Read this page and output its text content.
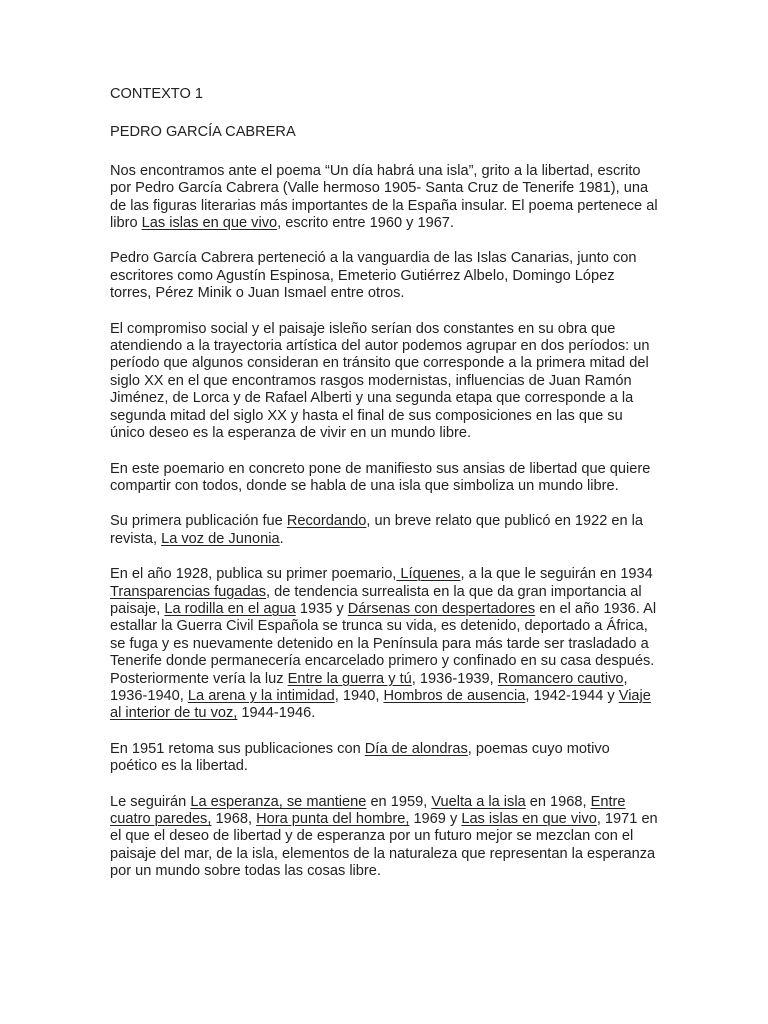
CONTEXTO 1
PEDRO GARCÍA CABRERA
Nos encontramos ante el poema “Un día habrá una isla”, grito a la libertad, escrito por Pedro García Cabrera (Valle hermoso 1905- Santa Cruz de Tenerife 1981), una de las figuras literarias más importantes de la España insular. El poema pertenece al libro Las islas en que vivo, escrito entre 1960 y 1967.
Pedro García Cabrera perteneció a la vanguardia de las Islas Canarias, junto con escritores como Agustín Espinosa, Emeterio Gutiérrez Albelo, Domingo López torres, Pérez Minik o Juan Ismael entre otros.
El compromiso social y el paisaje isleño serían dos constantes en su obra que atendiendo a la trayectoria artística del autor podemos agrupar en dos períodos: un período que algunos consideran en tránsito que corresponde a la primera mitad del siglo XX en el que encontramos rasgos modernistas, influencias de Juan Ramón Jiménez, de Lorca y de Rafael Alberti y una segunda etapa que corresponde a la segunda mitad del siglo XX y hasta el final de sus composiciones en las que su único deseo es la esperanza de vivir en un mundo libre.
En este poemario en concreto pone de manifiesto sus ansias de libertad que quiere compartir con todos, donde se habla de una isla que simboliza un mundo libre.
Su primera publicación fue Recordando, un breve relato que publicó en 1922 en la revista, La voz de Junonia.
En el año 1928, publica su primer poemario, Líquenes, a la que le seguirán en 1934 Transparencias fugadas, de tendencia surrealista en la que da gran importancia al paisaje, La rodilla en el agua 1935 y Dársenas con despertadores en el año 1936. Al estallar la Guerra Civil Española se trunca su vida, es detenido, deportado a África, se fuga y es nuevamente detenido en la Península para más tarde ser trasladado a Tenerife donde permanecería encarcelado primero y confinado en su casa después. Posteriormente vería la luz Entre la guerra y tú, 1936-1939, Romancero cautivo, 1936-1940, La arena y la intimidad, 1940, Hombros de ausencia, 1942-1944 y Viaje al interior de tu voz, 1944-1946.
En 1951 retoma sus publicaciones con Día de alondras, poemas cuyo motivo poético es la libertad.
Le seguirán La esperanza, se mantiene en 1959, Vuelta a la isla en 1968, Entre cuatro paredes, 1968, Hora punta del hombre, 1969 y Las islas en que vivo, 1971 en el que el deseo de libertad y de esperanza por un futuro mejor se mezclan con el paisaje del mar, de la isla, elementos de la naturaleza que representan la esperanza por un mundo sobre todas las cosas libre.
